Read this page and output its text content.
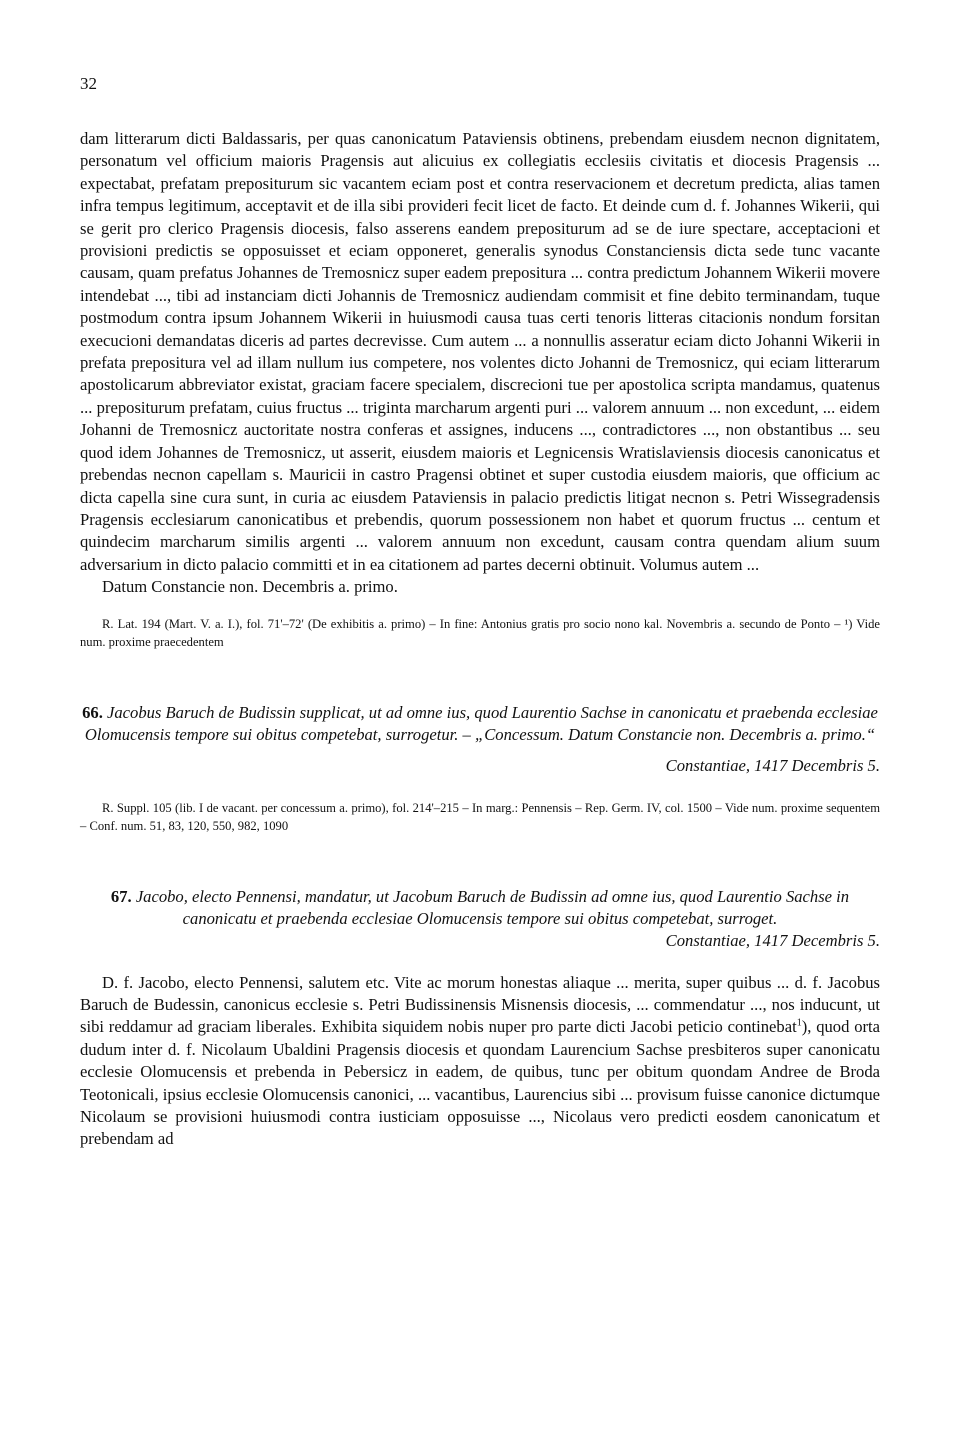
32

dam litterarum dicti Baldassaris, per quas canonicatum Pataviensis obtinens, prebendam eiusdem necnon dignitatem, personatum vel officium maioris Pragensis aut alicuius ex collegiatis ecclesiis civitatis et diocesis Pragensis ... expectabat, prefatam prepositurum sic vacantem eciam post et contra reservacionem et decretum predicta, alias tamen infra tempus legitimum, acceptavit et de illa sibi provideri fecit licet de facto. Et deinde cum d. f. Johannes Wikerii, qui se gerit pro clerico Pragensis diocesis, falso asserens eandem prepositurum ad se de iure spectare, acceptacioni et provisioni predictis se opposuisset et eciam opponeret, generalis synodus Constanciensis dicta sede tunc vacante causam, quam prefatus Johannes de Tremosnicz super eadem prepositura ... contra predictum Johannem Wikerii movere intendebat ..., tibi ad instanciam dicti Johannis de Tremosnicz audiendam commisit et fine debito terminandam, tuque postmodum contra ipsum Johannem Wikerii in huiusmodi causa tuas certi tenoris litteras citacionis nondum forsitan execucioni demandatas diceris ad partes decrevisse. Cum autem ... a nonnullis asseratur eciam dicto Johanni Wikerii in prefata prepositura vel ad illam nullum ius competere, nos volentes dicto Johanni de Tremosnicz, qui eciam litterarum apostolicarum abbreviator existat, graciam facere specialem, discrecioni tue per apostolica scripta mandamus, quatenus ... prepositurum prefatam, cuius fructus ... triginta marcharum argenti puri ... valorem annuum ... non excedunt, ... eidem Johanni de Tremosnicz auctoritate nostra conferas et assignes, inducens ..., contradictores ..., non obstantibus ... seu quod idem Johannes de Tremosnicz, ut asserit, eiusdem maioris et Legnicensis Wratislaviensis diocesis canonicatus et prebendas necnon capellam s. Mauricii in castro Pragensi obtinet et super custodia eiusdem maioris, que officium ac dicta capella sine cura sunt, in curia ac eiusdem Pataviensis in palacio predictis litigat necnon s. Petri Wissegradensis Pragensis ecclesiarum canonicatibus et prebendis, quorum possessionem non habet et quorum fructus ... centum et quindecim marcharum similis argenti ... valorem annuum non excedunt, causam contra quendam alium suum adversarium in dicto palacio committi et in ea citationem ad partes decerni obtinuit. Volumus autem ...

Datum Constancie non. Decembris a. primo.

R. Lat. 194 (Mart. V. a. I.), fol. 71'–72' (De exhibitis a. primo) – In fine: Antonius gratis pro socio nono kal. Novembris a. secundo de Ponto – ¹) Vide num. proxime praecedentem

66. Jacobus Baruch de Budissin supplicat, ut ad omne ius, quod Laurentio Sachse in canonicatu et praebenda ecclesiae Olomucensis tempore sui obitus competebat, surrogetur. – „Concessum. Datum Constancie non. Decembris a. primo.“

Constantiae, 1417 Decembris 5.

R. Suppl. 105 (lib. I de vacant. per concessum a. primo), fol. 214'–215 – In marg.: Pennensis – Rep. Germ. IV, col. 1500 – Vide num. proxime sequentem – Conf. num. 51, 83, 120, 550, 982, 1090

67. Jacobo, electo Pennensi, mandatur, ut Jacobum Baruch de Budissin ad omne ius, quod Laurentio Sachse in canonicatu et praebenda ecclesiae Olomucensis tempore sui obitus competebat, surroget.

Constantiae, 1417 Decembris 5.

D. f. Jacobo, electo Pennensi, salutem etc. Vite ac morum honestas aliaque ... merita, super quibus ... d. f. Jacobus Baruch de Budessin, canonicus ecclesie s. Petri Budissinensis Misnensis diocesis, ... commendatur ..., nos inducunt, ut sibi reddamur ad graciam liberales. Exhibita siquidem nobis nuper pro parte dicti Jacobi peticio continebat$^1$), quod orta dudum inter d. f. Nicolaum Ubaldini Pragensis diocesis et quondam Laurencium Sachse presbiteros super canonicatu ecclesie Olomucensis et prebenda in Pebersicz in eadem, de quibus, tunc per obitum quondam Andree de Broda Teotonicali, ipsius ecclesie Olomucensis canonici, ... vacantibus, Laurencius sibi ... provisum fuisse canonice dictumque Nicolaum se provisioni huiusmodi contra iusticiam opposuisse ..., Nicolaus vero predicti eosdem canonicatum et prebendam ad
